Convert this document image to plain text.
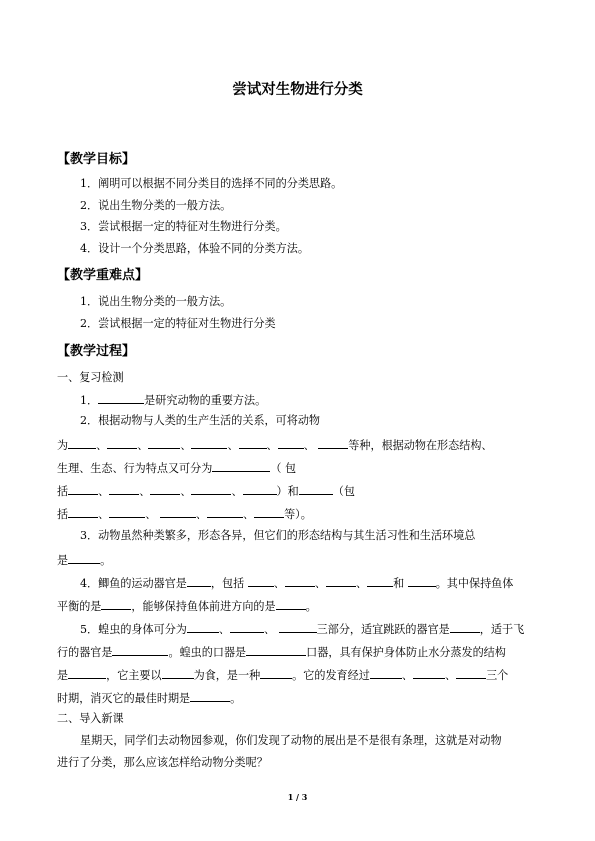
尝试对生物进行分类
【教学目标】
1．阐明可以根据不同分类目的选择不同的分类思路。
2．说出生物分类的一般方法。
3．尝试根据一定的特征对生物进行分类。
4．设计一个分类思路，体验不同的分类方法。
【教学重难点】
1．说出生物分类的一般方法。
2．尝试根据一定的特征对生物进行分类
【教学过程】
一、复习检测
1．	是研究动物的重要方法。
2．根据动物与人类的生产生活的关系，可将动物
为	、	、	、	、	、 、	等种，根据动物在形态结构、
生理、生态、行为特点又可分为	（ 包
括	、	、	、	、	）和	（包
括	、	、	、	、	等）。
3．动物虽然种类繁多，形态各异，但它们的形态结构与其生活习性和生活环境总
是	。
4．鲫鱼的运动器官是 ，包括	、	、	、 和	。其中保持鱼体
平衡的是	，能够保持鱼体前进方向的是	。
5．蝗虫的身体可分为	、	、	三部分，适宜跳跃的器官是	，适于飞
行的器官是	。蝗虫的口器是	口器，具有保护身体防止水分蒸发的结构
是	，它主要以	为食，是一种	。它的发育经过	、	、	三个
时期，消灭它的最佳时期是	。
二、导入新课
星期天，同学们去动物园参观，你们发现了动物的展出是不是很有条理，这就是对动物
进行了分类，那么应该怎样给动物分类呢？
1 / 3
